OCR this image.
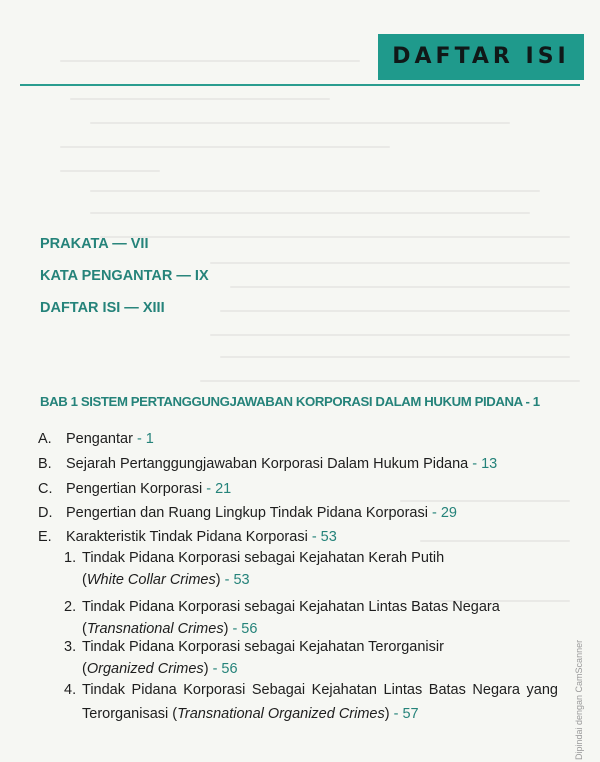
DAFTAR ISI
PRAKATA — VII
KATA PENGANTAR — IX
DAFTAR ISI — XIII
BAB 1 SISTEM PERTANGGUNGJAWABAN KORPORASI DALAM HUKUM PIDANA - 1
A. Pengantar - 1
B. Sejarah Pertanggungjawaban Korporasi Dalam Hukum Pidana - 13
C. Pengertian Korporasi - 21
D. Pengertian dan Ruang Lingkup Tindak Pidana Korporasi - 29
E. Karakteristik Tindak Pidana Korporasi - 53
1. Tindak Pidana Korporasi sebagai Kejahatan Kerah Putih
(White Collar Crimes) - 53
2. Tindak Pidana Korporasi sebagai Kejahatan Lintas Batas Negara
(Transnational Crimes) - 56
3. Tindak Pidana Korporasi sebagai Kejahatan Terorganisir
(Organized Crimes) - 56
4. Tindak Pidana Korporasi Sebagai Kejahatan Lintas Batas Negara yang
Terorganisasi (Transnational Organized Crimes) - 57	Dipindai dengan CamScanner
